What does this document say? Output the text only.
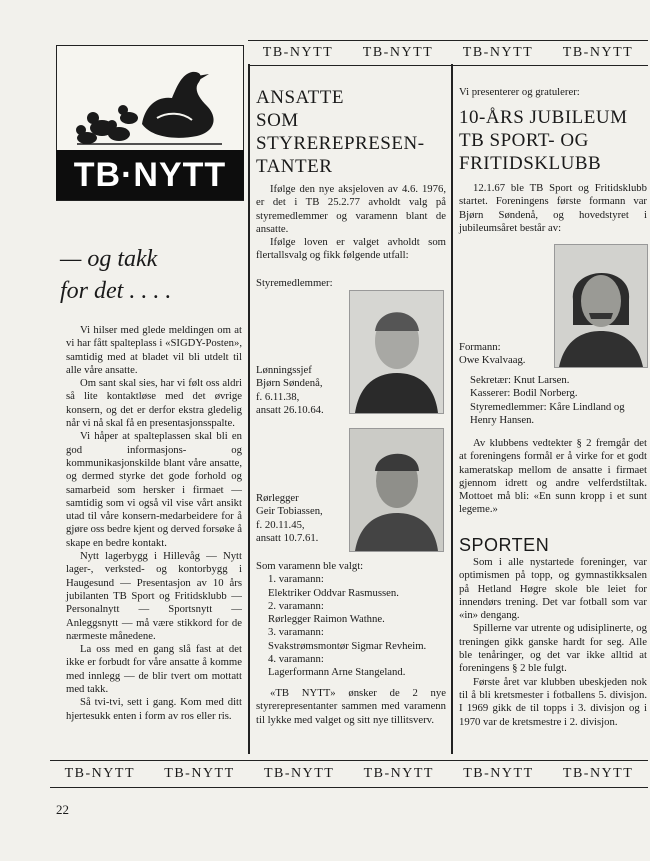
TB-NYTT TB-NYTT TB-NYTT TB-NYTT
TB·NYTT
— og takk
for det . . . .

Vi hilser med glede meldingen om at vi har fått spalteplass i «SIGDY-Posten», samtidig med at bladet vil bli utdelt til alle våre ansatte.

Om sant skal sies, har vi følt oss aldri så lite kontaktløse med det øvrige konsern, og det er derfor ekstra gledelig når vi nå skal få en presentasjonsspalte.

Vi håper at spalteplassen skal bli en god informasjons- og kommunikasjonskilde blant våre ansatte, og dermed styrke det gode forhold og samarbeid som hersker i firmaet — samtidig som vi også vil vise vårt ansikt utad til våre konsern-medarbeidere for å gjøre oss bedre kjent og derved forsøke å skape en bedre kontakt.

Nytt lagerbygg i Hillevåg — Nytt lager-, verksted- og kontorbygg i Haugesund — Presentasjon av 10 års jubilanten TB Sport og Fritidsklubb — Personalnytt — Sportsnytt — Anleggsnytt — må være stikkord for de nærmeste månedene.

La oss med en gang slå fast at det ikke er forbudt for våre ansatte å komme med innlegg — de blir tvert om mottatt med takk.

Så tvi-tvi, sett i gang. Kom med ditt hjertesukk enten i form av ros eller ris.

ANSATTE
SOM
STYREREPRESEN-
TANTER

Ifølge den nye aksjeloven av 4.6. 1976, er det i TB 25.2.77 avholdt valg på styremedlemmer og varamenn blant de ansatte.

Ifølge loven er valget avholdt som flertallsvalg og fikk følgende utfall:

Styremedlemmer:
Lønningssjef
Bjørn Søndenå,
f. 6.11.38,
ansatt 26.10.64.
Rørlegger
Geir Tobiassen,
f. 20.11.45,
ansatt 10.7.61.
Som varamenn ble valgt:
1. varamann:
Elektriker Oddvar Rasmussen.
2. varamann:
Rørlegger Raimon Wathne.
3. varamann:
Svakstrømsmontør Sigmar Revheim.
4. varamann:
Lagerformann Arne Stangeland.

«TB NYTT» ønsker de 2 nye styrerepresentanter sammen med varamenn til lykke med valget og sitt nye tillitsverv.

Vi presenterer og gratulerer:
10-ÅRS JUBILEUM
TB SPORT- OG
FRITIDSKLUBB

12.1.67 ble TB Sport og Fritidsklubb startet. Foreningens første formann var Bjørn Søndenå, og hovedstyret i jubileumsåret består av:

Formann:
Owe Kvalvaag.
Sekretær: Knut Larsen.
Kasserer: Bodil Norberg.
Styremedlemmer: Kåre Lindland og
Henry Hansen.

Av klubbens vedtekter § 2 fremgår det at foreningens formål er å virke for et godt kameratskap mellom de ansatte i firmaet gjennom idrett og andre velferdstiltak. Mottoet må bli: «En sunn kropp i et sunt legeme.»

SPORTEN

Som i alle nystartede foreninger, var optimismen på topp, og gymnastikksalen på Hetland Høgre skole ble leiet for innendørs trening. Det var fotball som var «in» dengang.

Spillerne var utrente og udisiplinerte, og treningen gikk ganske hardt for seg. Alle ble tenåringer, og det var ikke alltid at foreningens § 2 ble fulgt.

Første året var klubben ubeskjeden nok til å bli kretsmester i fotballens 5. divisjon. I 1969 gikk de til topps i 3. divisjon og i 1970 var de kretsmestre i 2. divisjon.

TB-NYTT TB-NYTT TB-NYTT TB-NYTT TB-NYTT TB-NYTT
22
